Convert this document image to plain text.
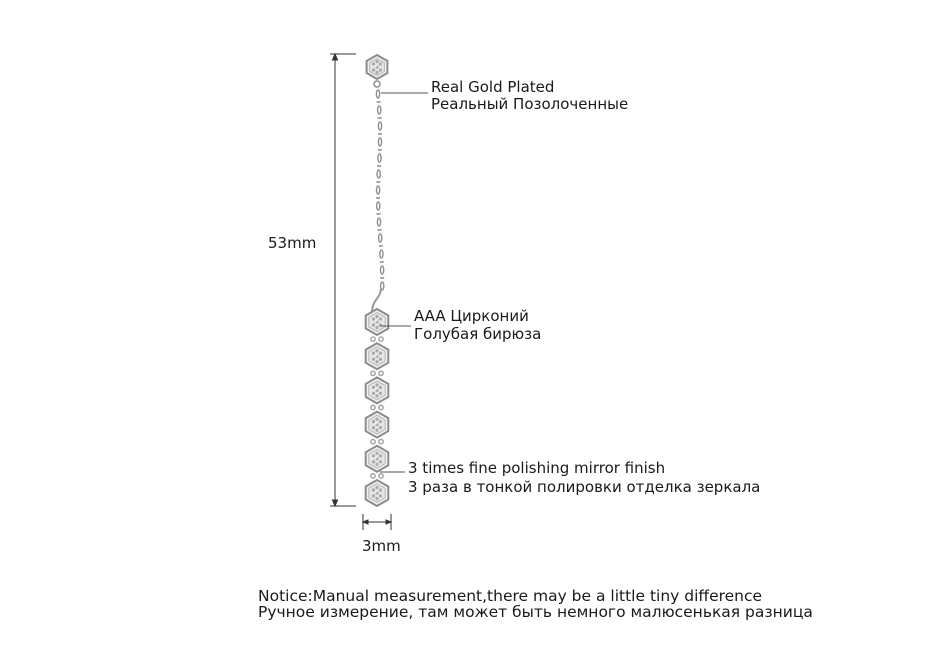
53mm
3mm
Real Gold Plated
Реальный Позолоченные
AAA Цирконий
Голубая бирюза
3 times fine polishing mirror finish
3 раза в тонкой полировки отделка зеркала
Notice:Manual measurement,there may be a little tiny difference
Ручное измерение, там может быть немного малюсенькая разница
